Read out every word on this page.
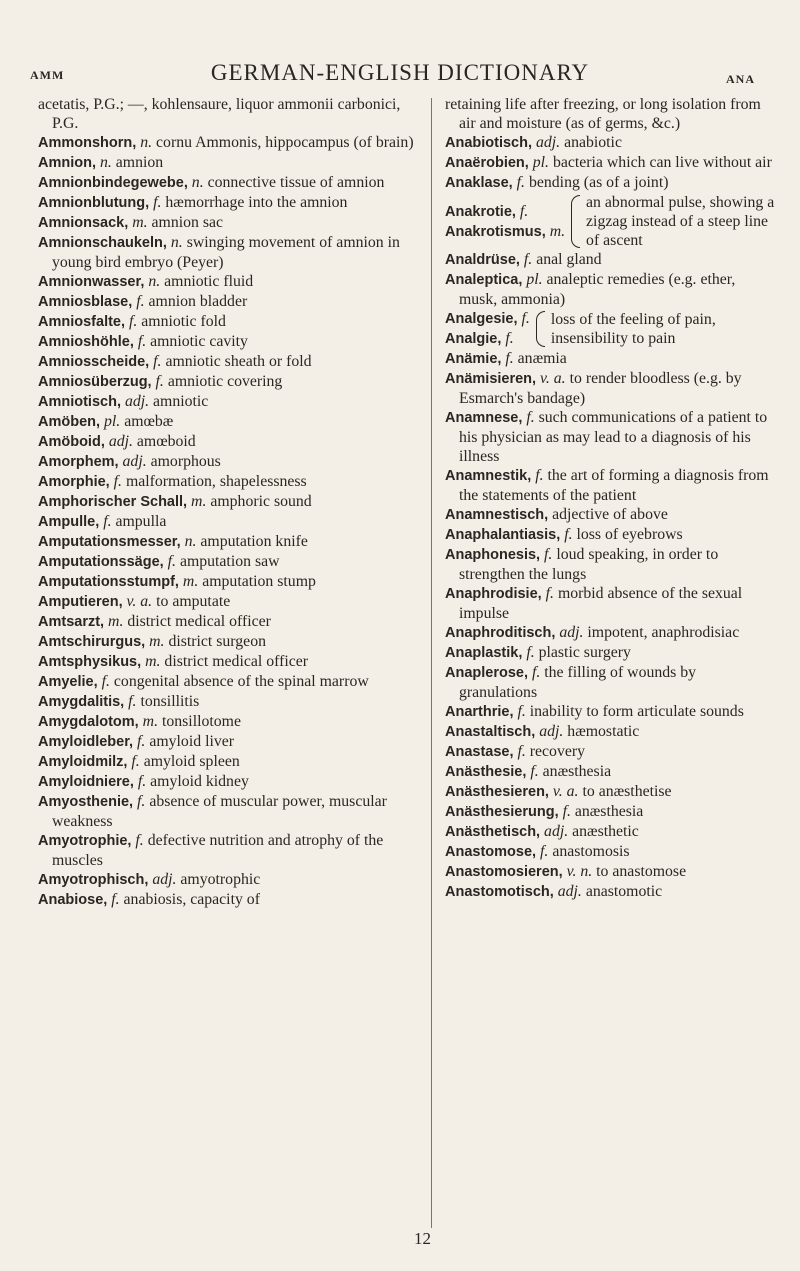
AMM	GERMAN-ENGLISH DICTIONARY	ANA
acetatis, P.G.; —, kohlensaure, liquor ammonii carbonici, P.G.
Ammonshorn, n. cornu Ammonis, hippocampus (of brain)
Amnion, n. amnion
Amnionbindegewebe, n. connective tissue of amnion
Amnionblutung, f. hæmorrhage into the amnion
Amnionsack, m. amnion sac
Amnionschaukeln, n. swinging movement of amnion in young bird embryo (Peyer)
Amnionwasser, n. amniotic fluid
Amniosblase, f. amnion bladder
Amniosfalte, f. amniotic fold
Amnioshöhle, f. amniotic cavity
Amniosscheide, f. amniotic sheath or fold
Amniosüberzug, f. amniotic covering
Amniotisch, adj. amniotic
Amöben, pl. amœbæ
Amöboid, adj. amœboid
Amorphem, adj. amorphous
Amorphie, f. malformation, shapelessness
Amphorischer Schall, m. amphoric sound
Ampulle, f. ampulla
Amputationsmesser, n. amputation knife
Amputationssäge, f. amputation saw
Amputationsstumpf, m. amputation stump
Amputieren, v. a. to amputate
Amtsarzt, m. district medical officer
Amtschirurgus, m. district surgeon
Amtsphysikus, m. district medical officer
Amyelie, f. congenital absence of the spinal marrow
Amygdalitis, f. tonsillitis
Amygdalotom, m. tonsillotome
Amyloidleber, f. amyloid liver
Amyloidmilz, f. amyloid spleen
Amyloidniere, f. amyloid kidney
Amyosthenie, f. absence of muscular power, muscular weakness
Amyotrophie, f. defective nutrition and atrophy of the muscles
Amyotrophisch, adj. amyotrophic
Anabiose, f. anabiosis, capacity of
retaining life after freezing, or long isolation from air and moisture (as of germs, &c.)
Anabiotisch, adj. anabiotic
Anaërobien, pl. bacteria which can live without air
Anaklase, f. bending (as of a joint)
Anakrotie, f.
Anakrotismus, m.
an abnormal pulse, showing a zigzag instead of a steep line of ascent
Analdrüse, f. anal gland
Analeptica, pl. analeptic remedies (e.g. ether, musk, ammonia)
Analgesie, f.
Analgie, f.
loss of the feeling of pain, insensibility to pain
Anämie, f. anæmia
Anämisieren, v. a. to render bloodless (e.g. by Esmarch's bandage)
Anamnese, f. such communications of a patient to his physician as may lead to a diagnosis of his illness
Anamnestik, f. the art of forming a diagnosis from the statements of the patient
Anamnestisch, adjective of above
Anaphalantiasis, f. loss of eyebrows
Anaphonesis, f. loud speaking, in order to strengthen the lungs
Anaphrodisie, f. morbid absence of the sexual impulse
Anaphroditisch, adj. impotent, anaphrodisiac
Anaplastik, f. plastic surgery
Anaplerose, f. the filling of wounds by granulations
Anarthrie, f. inability to form articulate sounds
Anastaltisch, adj. hæmostatic
Anastase, f. recovery
Anästhesie, f. anæsthesia
Anästhesieren, v. a. to anæsthetise
Anästhesierung, f. anæsthesia
Anästhetisch, adj. anæsthetic
Anastomose, f. anastomosis
Anastomosieren, v. n. to anastomose
Anastomotisch, adj. anastomotic
12
